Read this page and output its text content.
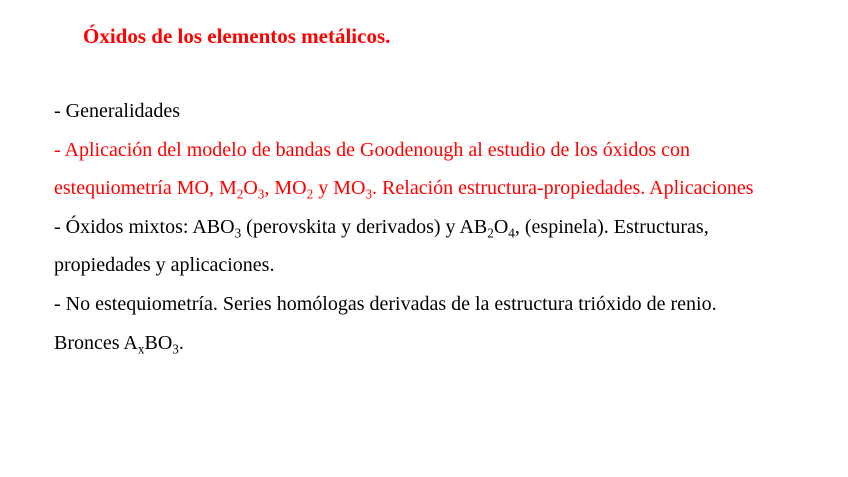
Óxidos de los elementos metálicos.
- Generalidades
- Aplicación del modelo de bandas de Goodenough al estudio de los óxidos con
estequiometría MO, $M_2O_3$, $MO_2$ y $MO_3$. Relación estructura-propiedades. Aplicaciones
- Óxidos mixtos: $ABO_3$ (perovskita y derivados) y $AB_2O_4$, (espinela). Estructuras,
propiedades y aplicaciones.
- No estequiometría. Series homólogas derivadas de la estructura trióxido de renio.
Bronces $A_xBO_3$.
